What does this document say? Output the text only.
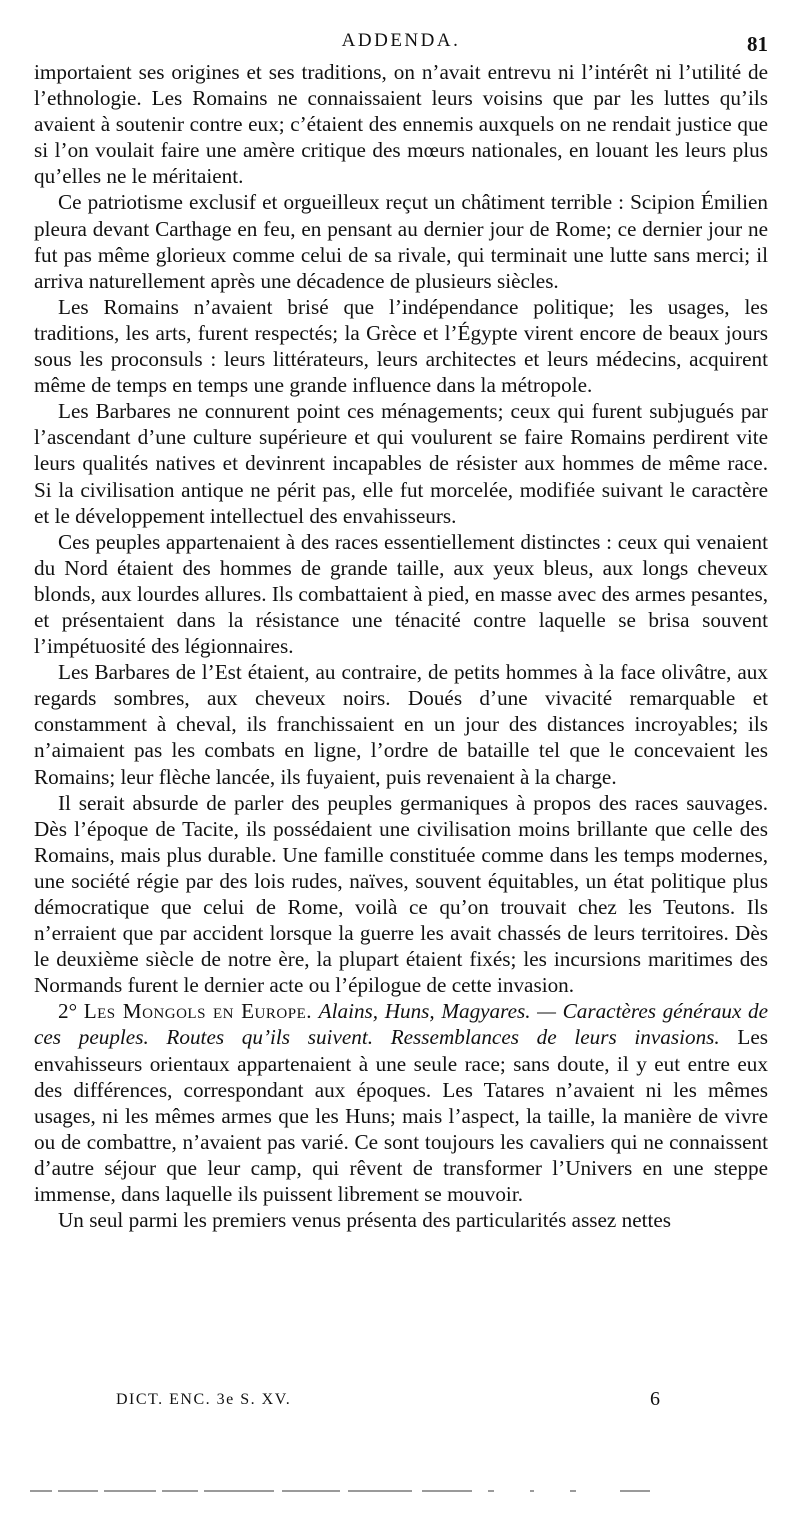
ADDENDA.	81

importaient ses origines et ses traditions, on n’avait entrevu ni l’intérêt ni l’utilité de l’ethnologie. Les Romains ne connaissaient leurs voisins que par les luttes qu’ils avaient à soutenir contre eux; c’étaient des ennemis auxquels on ne rendait justice que si l’on voulait faire une amère critique des mœurs nationales, en louant les leurs plus qu’elles ne le méritaient.

Ce patriotisme exclusif et orgueilleux reçut un châtiment terrible : Scipion Émilien pleura devant Carthage en feu, en pensant au dernier jour de Rome; ce dernier jour ne fut pas même glorieux comme celui de sa rivale, qui terminait une lutte sans merci; il arriva naturellement après une décadence de plusieurs siècles.

Les Romains n’avaient brisé que l’indépendance politique; les usages, les traditions, les arts, furent respectés; la Grèce et l’Égypte virent encore de beaux jours sous les proconsuls : leurs littérateurs, leurs architectes et leurs médecins, acquirent même de temps en temps une grande influence dans la métropole.

Les Barbares ne connurent point ces ménagements; ceux qui furent subjugués par l’ascendant d’une culture supérieure et qui voulurent se faire Romains perdirent vite leurs qualités natives et devinrent incapables de résister aux hommes de même race. Si la civilisation antique ne périt pas, elle fut morcelée, modifiée suivant le caractère et le développement intellectuel des envahisseurs.

Ces peuples appartenaient à des races essentiellement distinctes : ceux qui venaient du Nord étaient des hommes de grande taille, aux yeux bleus, aux longs cheveux blonds, aux lourdes allures. Ils combattaient à pied, en masse avec des armes pesantes, et présentaient dans la résistance une ténacité contre laquelle se brisa souvent l’impétuosité des légionnaires.

Les Barbares de l’Est étaient, au contraire, de petits hommes à la face olivâtre, aux regards sombres, aux cheveux noirs. Doués d’une vivacité remarquable et constamment à cheval, ils franchissaient en un jour des distances incroyables; ils n’aimaient pas les combats en ligne, l’ordre de bataille tel que le concevaient les Romains; leur flèche lancée, ils fuyaient, puis revenaient à la charge.

Il serait absurde de parler des peuples germaniques à propos des races sauvages. Dès l’époque de Tacite, ils possédaient une civilisation moins brillante que celle des Romains, mais plus durable. Une famille constituée comme dans les temps modernes, une société régie par des lois rudes, naïves, souvent équitables, un état politique plus démocratique que celui de Rome, voilà ce qu’on trouvait chez les Teutons. Ils n’erraient que par accident lorsque la guerre les avait chassés de leurs territoires. Dès le deuxième siècle de notre ère, la plupart étaient fixés; les incursions maritimes des Normands furent le dernier acte ou l’épilogue de cette invasion.

2° Les Mongols en Europe. Alains, Huns, Magyares. — Caractères généraux de ces peuples. Routes qu’ils suivent. Ressemblances de leurs invasions. Les envahisseurs orientaux appartenaient à une seule race; sans doute, il y eut entre eux des différences, correspondant aux époques. Les Tatares n’avaient ni les mêmes usages, ni les mêmes armes que les Huns; mais l’aspect, la taille, la manière de vivre ou de combattre, n’avaient pas varié. Ce sont toujours les cavaliers qui ne connaissent d’autre séjour que leur camp, qui rêvent de transformer l’Univers en une steppe immense, dans laquelle ils puissent librement se mouvoir.

Un seul parmi les premiers venus présenta des particularités assez nettes

DICT. ENC. 3e S. XV.	6
